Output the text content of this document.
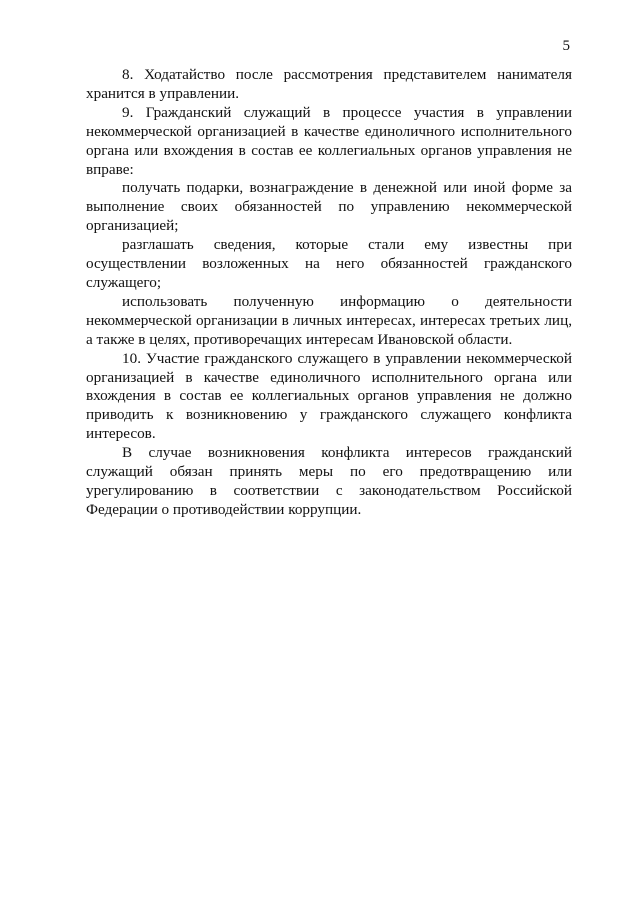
5

8. Ходатайство после рассмотрения представителем нанимателя хранится в управлении.

9. Гражданский служащий в процессе участия в управлении некоммерческой организацией в качестве единоличного исполнительного органа или вхождения в состав ее коллегиальных органов управления не вправе:

получать подарки, вознаграждение в денежной или иной форме за выполнение своих обязанностей по управлению некоммерческой организацией;

разглашать сведения, которые стали ему известны при осуществлении возложенных на него обязанностей гражданского служащего;

использовать полученную информацию о деятельности некоммерческой организации в личных интересах, интересах третьих лиц, а также в целях, противоречащих интересам Ивановской области.

10. Участие гражданского служащего в управлении некоммерческой организацией в качестве единоличного исполнительного органа или вхождения в состав ее коллегиальных органов управления не должно приводить к возникновению у гражданского служащего конфликта интересов.

В случае возникновения конфликта интересов гражданский служащий обязан принять меры по его предотвращению или урегулированию в соответствии с законодательством Российской Федерации о противодействии коррупции.
